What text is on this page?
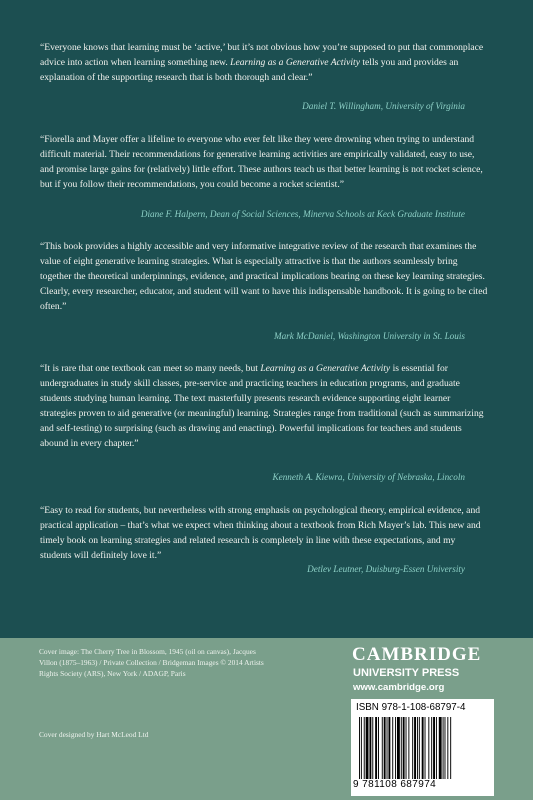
“Everyone knows that learning must be ‘active,’ but it’s not obvious how you’re supposed to put that commonplace advice into action when learning something new. Learning as a Generative Activity tells you and provides an explanation of the supporting research that is both thorough and clear.”

Daniel T. Willingham, University of Virginia

“Fiorella and Mayer offer a lifeline to everyone who ever felt like they were drowning when trying to understand difficult material. Their recommendations for generative learning activities are empirically validated, easy to use, and promise large gains for (relatively) little effort. These authors teach us that better learning is not rocket science, but if you follow their recommendations, you could become a rocket scientist.”

Diane F. Halpern, Dean of Social Sciences, Minerva Schools at Keck Graduate Institute

“This book provides a highly accessible and very informative integrative review of the research that examines the value of eight generative learning strategies. What is especially attractive is that the authors seamlessly bring together the theoretical underpinnings, evidence, and practical implications bearing on these key learning strategies. Clearly, every researcher, educator, and student will want to have this indispensable handbook. It is going to be cited often.”

Mark McDaniel, Washington University in St. Louis

“It is rare that one textbook can meet so many needs, but Learning as a Generative Activity is essential for undergraduates in study skill classes, pre-service and practicing teachers in education programs, and graduate students studying human learning. The text masterfully presents research evidence supporting eight learner strategies proven to aid generative (or meaningful) learning. Strategies range from traditional (such as summarizing and self-testing) to surprising (such as drawing and enacting). Powerful implications for teachers and students abound in every chapter.”

Kenneth A. Kiewra, University of Nebraska, Lincoln

“Easy to read for students, but nevertheless with strong emphasis on psychological theory, empirical evidence, and practical application – that’s what we expect when thinking about a textbook from Rich Mayer’s lab. This new and timely book on learning strategies and related research is completely in line with these expectations, and my students will definitely love it.”

Detlev Leutner, Duisburg-Essen University

Cover image: The Cherry Tree in Blossom, 1945 (oil on canvas), Jacques Villon (1875–1963) / Private Collection / Bridgeman Images © 2014 Artists Rights Society (ARS), New York / ADAGP, Paris

Cover designed by Hart McLeod Ltd

CAMBRIDGE
UNIVERSITY PRESS
www.cambridge.org
ISBN 978-1-108-68797-4
9 781108 687974
